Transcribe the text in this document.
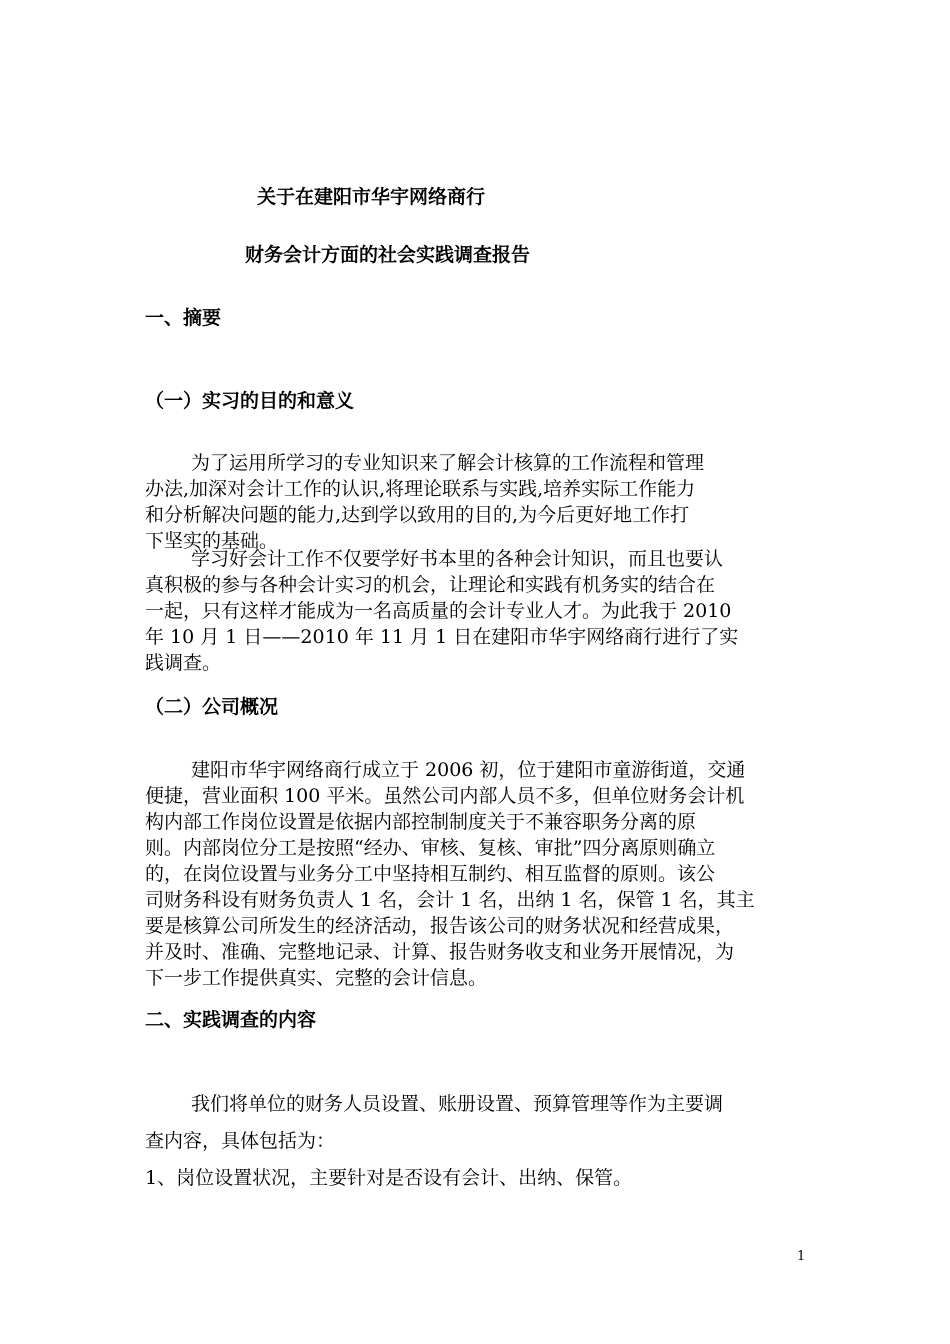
关于在建阳市华宇网络商行
财务会计方面的社会实践调查报告
一、摘要
（一）实习的目的和意义

为了运用所学习的专业知识来了解会计核算的工作流程和管理
办法,加深对会计工作的认识,将理论联系与实践,培养实际工作能力
和分析解决问题的能力,达到学以致用的目的,为今后更好地工作打
下坚实的基础。

学习好会计工作不仅要学好书本里的各种会计知识，而且也要认
真积极的参与各种会计实习的机会，让理论和实践有机务实的结合在
一起，只有这样才能成为一名高质量的会计专业人才。为此我于 2010
年 10 月 1 日——2010 年 11 月 1 日在建阳市华宇网络商行进行了实
践调查。

（二）公司概况

建阳市华宇网络商行成立于 2006 初，位于建阳市童游街道，交通
便捷，营业面积 100 平米。虽然公司内部人员不多，但单位财务会计机
构内部工作岗位设置是依据内部控制制度关于不兼容职务分离的原
则。内部岗位分工是按照“经办、审核、复核、审批”四分离原则确立
的，在岗位设置与业务分工中坚持相互制约、相互监督的原则。该公
司财务科设有财务负责人 1 名，会计 1 名，出纳 1 名，保管 1 名，其主
要是核算公司所发生的经济活动，报告该公司的财务状况和经营成果，
并及时、准确、完整地记录、计算、报告财务收支和业务开展情况，为
下一步工作提供真实、完整的会计信息。

二、实践调查的内容

我们将单位的财务人员设置、账册设置、预算管理等作为主要调

查内容，具体包括为：

1、岗位设置状况，主要针对是否设有会计、出纳、保管。

1
